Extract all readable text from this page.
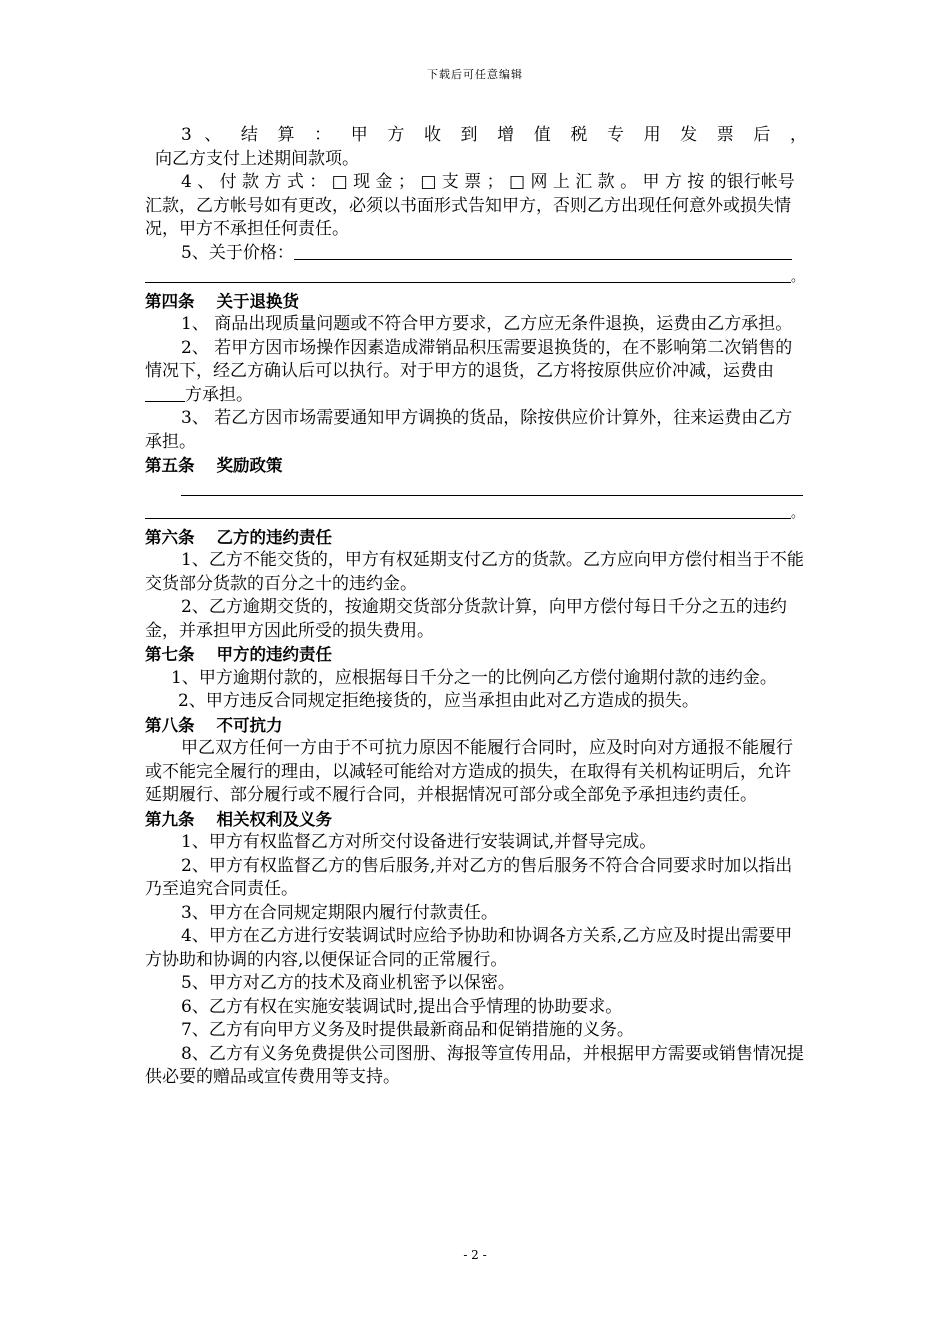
下载后可任意编辑

3 、 结 算 ： 甲 方 收 到 增 值 税 专 用 发 票 后 ，

向乙方支付上述期间款项。

4 、 付 款 方 式 ： □ 现 金 ； □ 支 票 ； □ 网 上 汇 款 。 甲 方 按 的银行帐号汇款，乙方帐号如有更改，必须以书面形式告知甲方，否则乙方出现任何意外或损失情况，甲方不承担任何责任。

5、关于价格：

。

第四条 关于退换货

1、 商品出现质量问题或不符合甲方要求，乙方应无条件退换，运费由乙方承担。

2、 若甲方因市场操作因素造成滞销品积压需要退换货的，在不影响第二次销售的情况下，经乙方确认后可以执行。对于甲方的退货，乙方将按原供应价冲减，运费由方承担。

3、 若乙方因市场需要通知甲方调换的货品，除按供应价计算外，往来运费由乙方承担。

第五条 奖励政策

。

第六条 乙方的违约责任

1、乙方不能交货的，甲方有权延期支付乙方的货款。乙方应向甲方偿付相当于不能交货部分货款的百分之十的违约金。

2、乙方逾期交货的，按逾期交货部分货款计算，向甲方偿付每日千分之五的违约金，并承担甲方因此所受的损失费用。

第七条 甲方的违约责任

1、甲方逾期付款的，应根据每日千分之一的比例向乙方偿付逾期付款的违约金。

2、甲方违反合同规定拒绝接货的，应当承担由此对乙方造成的损失。

第八条 不可抗力

甲乙双方任何一方由于不可抗力原因不能履行合同时，应及时向对方通报不能履行或不能完全履行的理由，以减轻可能给对方造成的损失，在取得有关机构证明后，允许延期履行、部分履行或不履行合同，并根据情况可部分或全部免予承担违约责任。

第九条 相关权利及义务

1、甲方有权监督乙方对所交付设备进行安装调试,并督导完成。

2、甲方有权监督乙方的售后服务,并对乙方的售后服务不符合合同要求时加以指出乃至追究合同责任。

3、甲方在合同规定期限内履行付款责任。

4、甲方在乙方进行安装调试时应给予协助和协调各方关系,乙方应及时提出需要甲方协助和协调的内容,以便保证合同的正常履行。

5、甲方对乙方的技术及商业机密予以保密。

6、乙方有权在实施安装调试时,提出合乎情理的协助要求。

7、乙方有向甲方义务及时提供最新商品和促销措施的义务。

8、乙方有义务免费提供公司图册、海报等宣传用品，并根据甲方需要或销售情况提供必要的赠品或宣传费用等支持。

- 2 -
